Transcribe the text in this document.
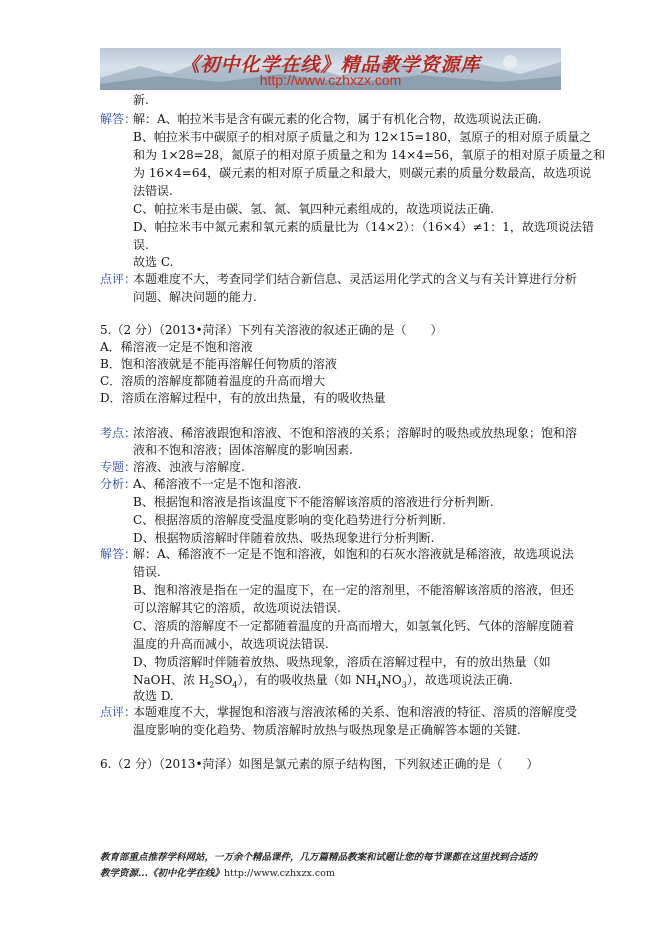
《初中化学在线》精品教学资源库
http://www.czhxzx.com
新.
解答：
解：A、帕拉米韦是含有碳元素的化合物，属于有机化合物，故选项说法正确.
B、帕拉米韦中碳原子的相对原子质量之和为 12×15=180，氢原子的相对原子质量之
和为 1×28=28，氮原子的相对原子质量之和为 14×4=56，氧原子的相对原子质量之和
为 16×4=64，碳元素的相对原子质量之和最大，则碳元素的质量分数最高，故选项说
法错误.
C、帕拉米韦是由碳、氢、氮、氧四种元素组成的，故选项说法正确.
D、帕拉米韦中氮元素和氧元素的质量比为（14×2）：（16×4）≠1：1，故选项说法错
误.
故选 C.
点评：
本题难度不大，考查同学们结合新信息、灵活运用化学式的含义与有关计算进行分析
问题、解决问题的能力.
5.（2 分）（2013•菏泽）下列有关溶液的叙述正确的是（　　）
A．稀溶液一定是不饱和溶液
B．饱和溶液就是不能再溶解任何物质的溶液
C．溶质的溶解度都随着温度的升高而增大
D．溶质在溶解过程中，有的放出热量，有的吸收热量
考点：
浓溶液、稀溶液跟饱和溶液、不饱和溶液的关系；溶解时的吸热或放热现象；饱和溶
液和不饱和溶液；固体溶解度的影响因素.
专题：
溶液、浊液与溶解度.
分析：
A、稀溶液不一定是不饱和溶液.
B、根据饱和溶液是指该温度下不能溶解该溶质的溶液进行分析判断.
C、根据溶质的溶解度受温度影响的变化趋势进行分析判断.
D、根据物质溶解时伴随着放热、吸热现象进行分析判断.
解答：
解：A、稀溶液不一定是不饱和溶液，如饱和的石灰水溶液就是稀溶液，故选项说法
错误.
B、饱和溶液是指在一定的温度下，在一定的溶剂里，不能溶解该溶质的溶液，但还
可以溶解其它的溶质，故选项说法错误.
C、溶质的溶解度不一定都随着温度的升高而增大，如氢氧化钙、气体的溶解度随着
温度的升高而减小，故选项说法错误.
D、物质溶解时伴随着放热、吸热现象，溶质在溶解过程中，有的放出热量（如
NaOH、浓 $H_2SO_4$），有的吸收热量（如 $NH_4NO_3$），故选项说法正确.
故选 D.
点评：
本题难度不大，掌握饱和溶液与溶液浓稀的关系、饱和溶液的特征、溶质的溶解度受
温度影响的变化趋势、物质溶解时放热与吸热现象是正确解答本题的关键.
6.（2 分）（2013•菏泽）如图是氯元素的原子结构图，下列叙述正确的是（　　）
教育部重点推荐学科网站，一万余个精品课件，几万篇精品教案和试题让您的每节课都在这里找到合适的
教学资源...《初中化学在线》http://www.czhxzx.com
